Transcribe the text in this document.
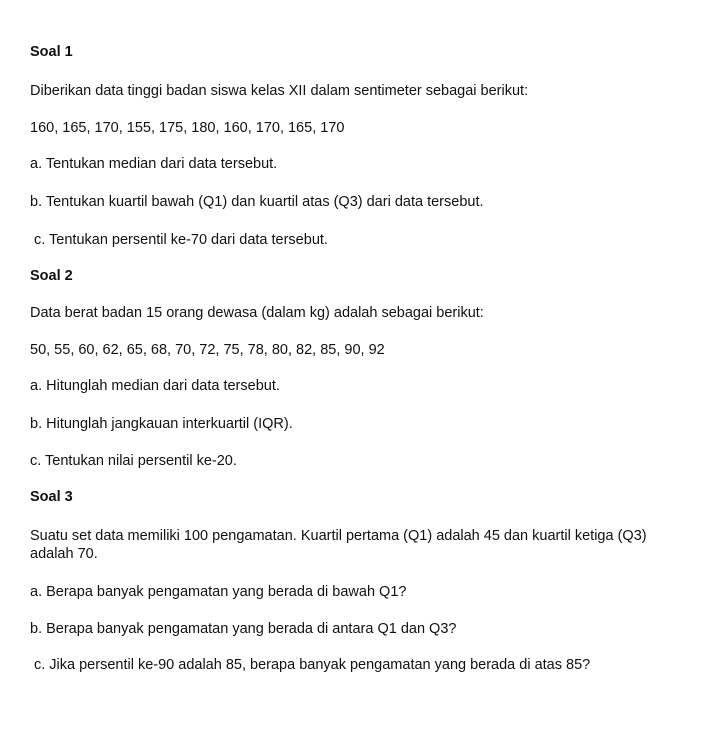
Soal 1
Diberikan data tinggi badan siswa kelas XII dalam sentimeter sebagai berikut:
160, 165, 170, 155, 175, 180, 160, 170, 165, 170
a. Tentukan median dari data tersebut.
b. Tentukan kuartil bawah (Q1) dan kuartil atas (Q3) dari data tersebut.
c. Tentukan persentil ke-70 dari data tersebut.
Soal 2
Data berat badan 15 orang dewasa (dalam kg) adalah sebagai berikut:
50, 55, 60, 62, 65, 68, 70, 72, 75, 78, 80, 82, 85, 90, 92
a. Hitunglah median dari data tersebut.
b. Hitunglah jangkauan interkuartil (IQR).
c. Tentukan nilai persentil ke-20.
Soal 3
Suatu set data memiliki 100 pengamatan. Kuartil pertama (Q1) adalah 45 dan kuartil ketiga (Q3) adalah 70.
a. Berapa banyak pengamatan yang berada di bawah Q1?
b. Berapa banyak pengamatan yang berada di antara Q1 dan Q3?
c. Jika persentil ke-90 adalah 85, berapa banyak pengamatan yang berada di atas 85?
